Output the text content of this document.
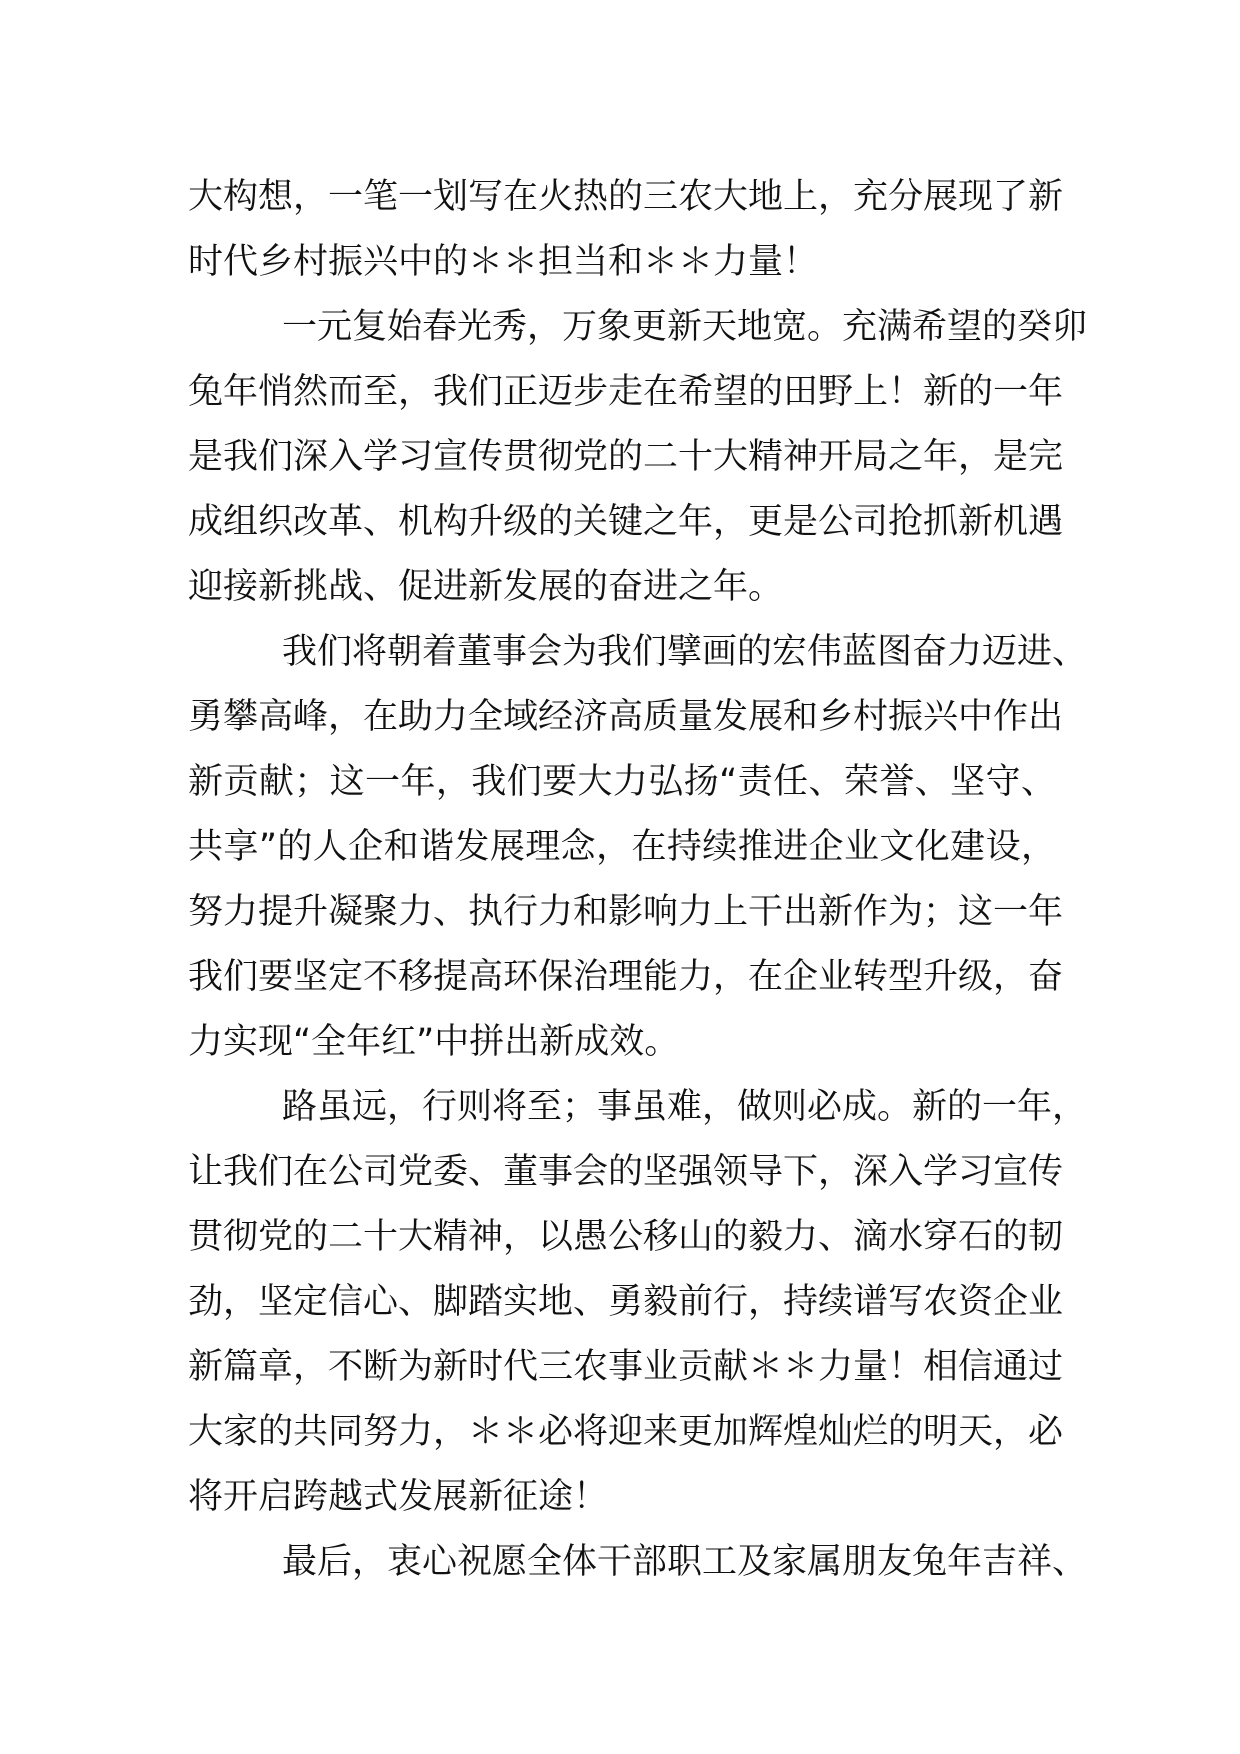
大构想，一笔一划写在火热的三农大地上，充分展现了新
时代乡村振兴中的＊＊担当和＊＊力量！
一元复始春光秀，万象更新天地宽。充满希望的癸卯
兔年悄然而至，我们正迈步走在希望的田野上！新的一年
是我们深入学习宣传贯彻党的二十大精神开局之年，是完
成组织改革、机构升级的关键之年，更是公司抢抓新机遇
迎接新挑战、促进新发展的奋进之年。
我们将朝着董事会为我们擘画的宏伟蓝图奋力迈进、
勇攀高峰，在助力全域经济高质量发展和乡村振兴中作出
新贡献；这一年，我们要大力弘扬“责任、荣誉、坚守、
共享”的人企和谐发展理念，在持续推进企业文化建设，
努力提升凝聚力、执行力和影响力上干出新作为；这一年
我们要坚定不移提高环保治理能力，在企业转型升级，奋
力实现“全年红”中拼出新成效。
路虽远，行则将至；事虽难，做则必成。新的一年，
让我们在公司党委、董事会的坚强领导下，深入学习宣传
贯彻党的二十大精神，以愚公移山的毅力、滴水穿石的韧
劲，坚定信心、脚踏实地、勇毅前行，持续谱写农资企业
新篇章，不断为新时代三农事业贡献＊＊力量！相信通过
大家的共同努力，＊＊必将迎来更加辉煌灿烂的明天，必
将开启跨越式发展新征途！
最后，衷心祝愿全体干部职工及家属朋友兔年吉祥、
